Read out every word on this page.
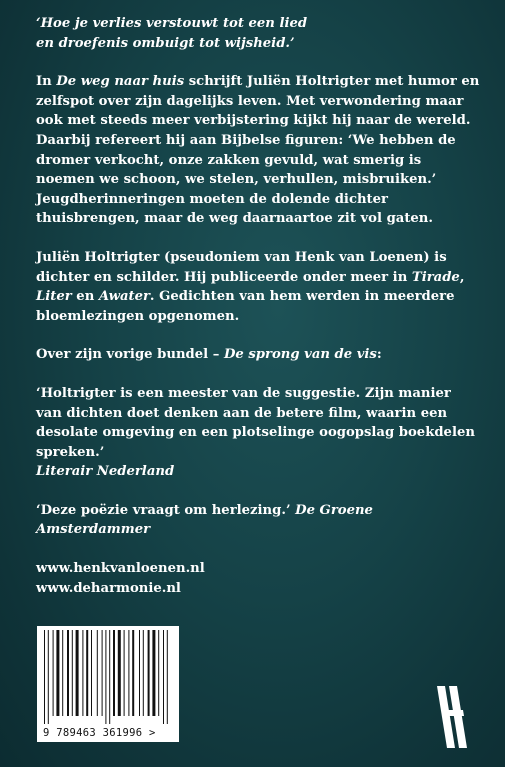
‘Hoe je verlies verstouwt tot een lied
en droefenis ombuigt tot wijsheid.’

In De weg naar huis schrijft Juliën Holtrigter met humor en zelfspot over zijn dagelijks leven. Met verwondering maar ook met steeds meer verbijstering kijkt hij naar de wereld. Daarbij refereert hij aan Bijbelse figuren: ‘We hebben de dromer verkocht, onze zakken gevuld, wat smerig is noemen we schoon, we stelen, verhullen, misbruiken.’ Jeugdherinneringen moeten de dolende dichter thuisbrengen, maar de weg daarnaartoe zit vol gaten.

Juliën Holtrigter (pseudoniem van Henk van Loenen) is dichter en schilder. Hij publiceerde onder meer in Tirade, Liter en Awater. Gedichten van hem werden in meerdere bloemlezingen opgenomen.

Over zijn vorige bundel – De sprong van de vis:

‘Holtrigter is een meester van de suggestie. Zijn manier van dichten doet denken aan de betere film, waarin een desolate omgeving en een plotselinge oogopslag boekdelen spreken.’
Literair Nederland

‘Deze poëzie vraagt om herlezing.’ De Groene Amsterdammer

www.henkvanloenen.nl
www.deharmonie.nl

9 789463 361996 >
